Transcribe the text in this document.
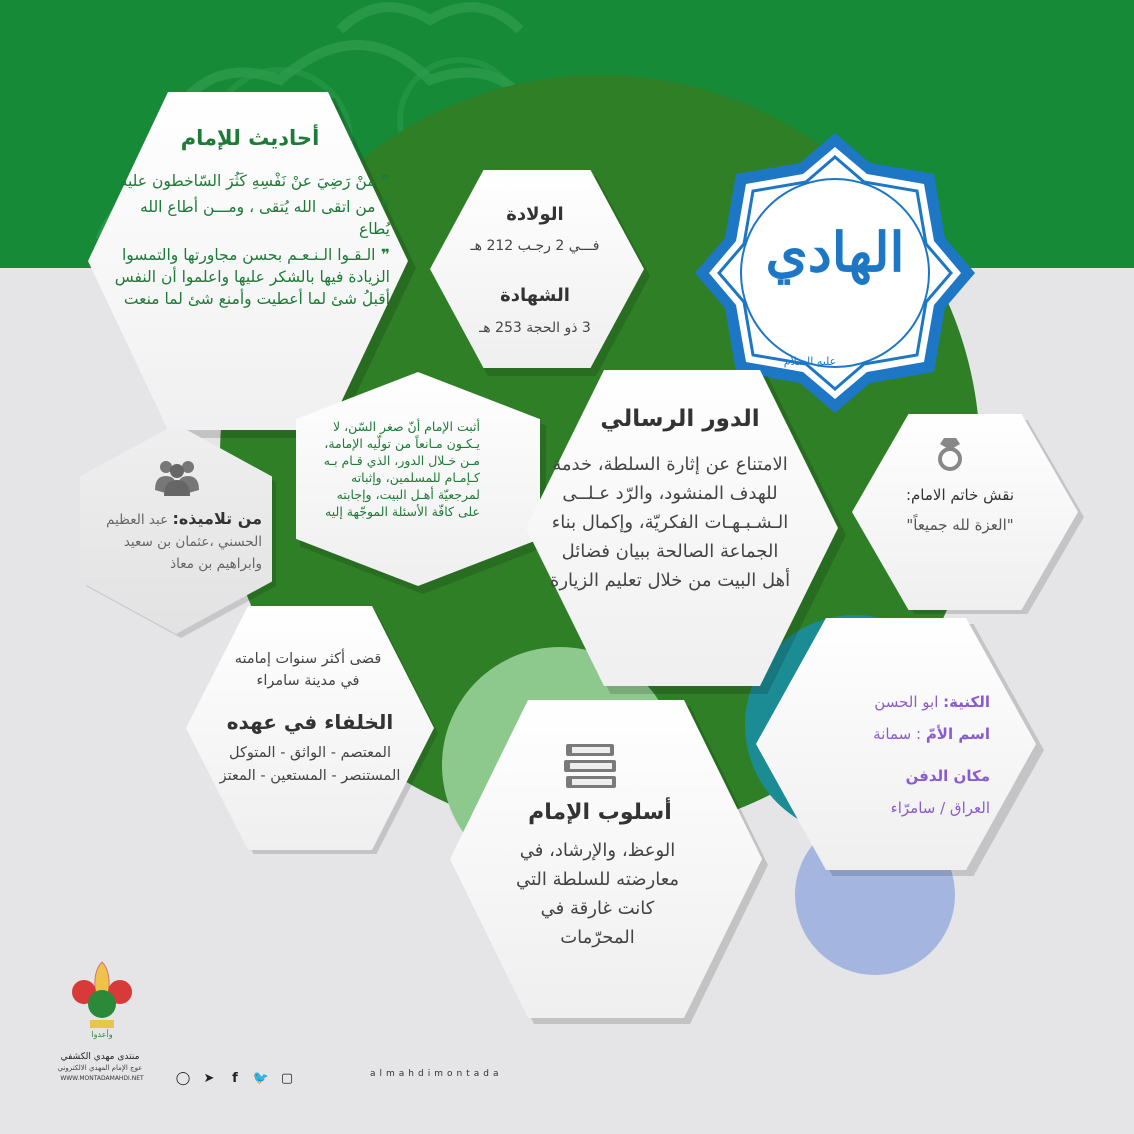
أحاديث للإمام
❞ منْ رَضِيَ عنْ نَفْسِهِ كَثُرَ السّاخطون عليه
❞ من اتقى الله يُتقى ، ومـــن أطاع الله يُطاع
❞ الـقـوا الـنـعـم بحسن مجاورتها والتمسوا الزيادة فيها بالشكر عليها واعلموا أن النفس أقبلُ شئ لما أعطيت وأمنع شئ لما منعت
الولادة
فـــي 2 رجـب 212 هـ
الشهادة
3 ذو الحجة 253 هـ
الهادي
عليه السلام
أثبت الإمام أنّ صغر السّن، لا يـكـون مـانعاً من تولّيه الإمامة، مـن خـلال الدور، الذي قـام بـه كـإمـام للمسلمين، وإثباته لمرجعيّة أهـل البيت، وإجابته على كافّة الأسئلة الموجّهة إليه
الدور الرسالي
الامتناع عن إثارة السلطة، خدمة للهدف المنشود، والرّد عـلــى الـشـبـهـات الفكريّة، وإكمال بناء الجماعة الصالحة ببيان فضائل أهل البيت من خلال تعليم الزيارة
نقش خاتم الامام:
"العزة لله جميعاً"
من تلاميذه: عبد العظيم الحسني ،عثمان بن سعيد وابراهيم بن معاذ
قضى أكثر سنوات إمامته في مدينة سامراء
الخلفاء في عهده
المعتصم - الواثق - المتوكل المستنصر - المستعين - المعتز
أسلوب الإمام
الوعظ، والإرشاد، في معارضته للسلطة التي كانت غارقة في المحرّمات
الكنية: ابو الحسن
اسم الأمّ : سمانة
مكان الدفن
العراق / سامرّاء
وأعدوا
منتدى مهدي الكشفي
عوج الإمام المهدي الالكتروني
WWW.MONTADAMAHDI.NET	◯ ➤ f 🐦 ▢	almahdimontada
